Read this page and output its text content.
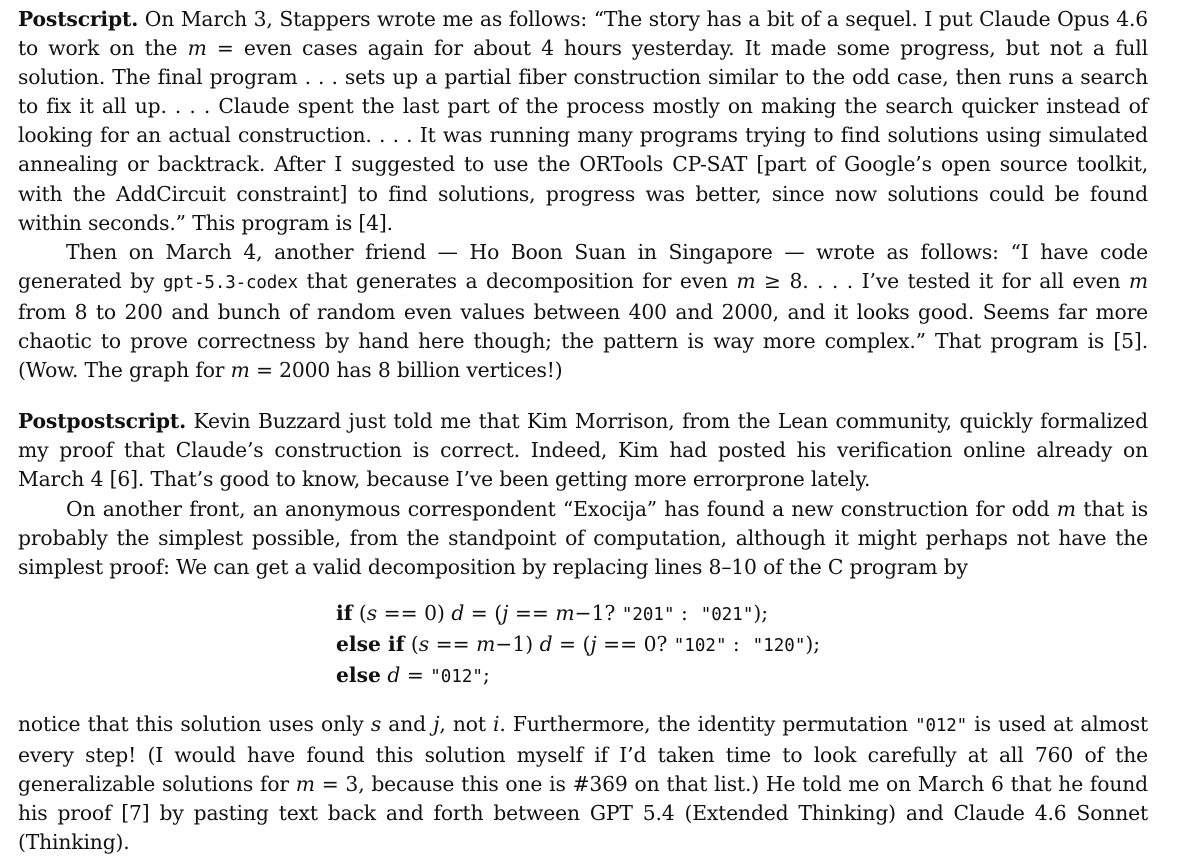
Postscript. On March 3, Stappers wrote me as follows: “The story has a bit of a sequel. I put Claude Opus 4.6 to work on the m = even cases again for about 4 hours yesterday. It made some progress, but not a full solution. The final program . . . sets up a partial fiber construction similar to the odd case, then runs a search to fix it all up. . . . Claude spent the last part of the process mostly on making the search quicker instead of looking for an actual construction. . . . It was running many programs trying to find solutions using simulated annealing or backtrack. After I suggested to use the ORTools CP-SAT [part of Google’s open source toolkit, with the AddCircuit constraint] to find solutions, progress was better, since now solutions could be found within seconds.” This program is [4].

Then on March 4, another friend — Ho Boon Suan in Singapore — wrote as follows: “I have code generated by gpt-5.3-codex that generates a decomposition for even m ≥ 8. . . . I’ve tested it for all even m from 8 to 200 and bunch of random even values between 400 and 2000, and it looks good. Seems far more chaotic to prove correctness by hand here though; the pattern is way more complex.” That program is [5]. (Wow. The graph for m = 2000 has 8 billion vertices!)

Postpostscript. Kevin Buzzard just told me that Kim Morrison, from the Lean community, quickly formalized my proof that Claude’s construction is correct. Indeed, Kim had posted his verification online already on March 4 [6]. That’s good to know, because I’ve been getting more errorprone lately.

On another front, an anonymous correspondent “Exocija” has found a new construction for odd m that is probably the simplest possible, from the standpoint of computation, although it might perhaps not have the simplest proof: We can get a valid decomposition by replacing lines 8–10 of the C program by

if (s == 0) d = (j == m−1? "201" :  "021");
else if (s == m−1) d = (j == 0? "102" :  "120");
else d = "012";

notice that this solution uses only s and j, not i. Furthermore, the identity permutation "012" is used at almost every step! (I would have found this solution myself if I’d taken time to look carefully at all 760 of the generalizable solutions for m = 3, because this one is #369 on that list.) He told me on March 6 that he found his proof [7] by pasting text back and forth between GPT 5.4 (Extended Thinking) and Claude 4.6 Sonnet (Thinking).
